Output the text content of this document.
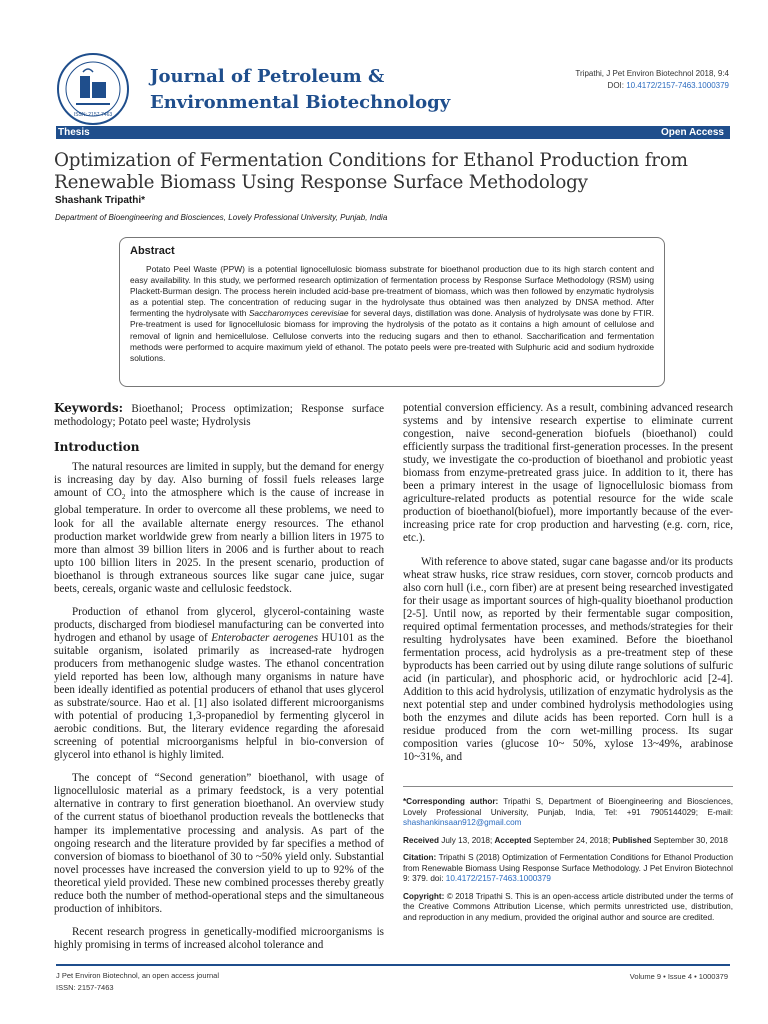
ISSN: 2157-7463
Journal of Petroleum &
Environmental Biotechnology
Tripathi, J Pet Environ Biotechnol 2018, 9:4
DOI: 10.4172/2157-7463.1000379
Thesis	Open Access
Optimization of Fermentation Conditions for Ethanol Production from
Renewable Biomass Using Response Surface Methodology
Shashank Tripathi*
Department of Bioengineering and Biosciences, Lovely Professional University, Punjab, India
Abstract

Potato Peel Waste (PPW) is a potential lignocellulosic biomass substrate for bioethanol production due to its high starch content and easy availability. In this study, we performed research optimization of fermentation process by Response Surface Methodology (RSM) using Plackett-Burman design. The process herein included acid-base pre-treatment of biomass, which was then followed by enzymatic hydrolysis as a potential step. The concentration of reducing sugar in the hydrolysate thus obtained was then analyzed by DNSA method. After fermenting the hydrolysate with Saccharomyces cerevisiae for several days, distillation was done. Analysis of hydrolysate was done by FTIR. Pre-treatment is used for lignocellulosic biomass for improving the hydrolysis of the potato as it contains a high amount of cellulose and removal of lignin and hemicellulose. Cellulose converts into the reducing sugars and then to ethanol. Saccharification and fermentation methods were performed to acquire maximum yield of ethanol. The potato peels were pre-treated with Sulphuric acid and sodium hydroxide solutions.

Keywords: Bioethanol; Process optimization; Response surface methodology; Potato peel waste; Hydrolysis

Introduction

The natural resources are limited in supply, but the demand for energy is increasing day by day. Also burning of fossil fuels releases large amount of $CO_2$ into the atmosphere which is the cause of increase in global temperature. In order to overcome all these problems, we need to look for all the available alternate energy resources. The ethanol production market worldwide grew from nearly a billion liters in 1975 to more than almost 39 billion liters in 2006 and is further about to reach upto 100 billion liters in 2025. In the present scenario, production of bioethanol is through extraneous sources like sugar cane juice, sugar beets, cereals, organic waste and cellulosic feedstock.

Production of ethanol from glycerol, glycerol-containing waste products, discharged from biodiesel manufacturing can be converted into hydrogen and ethanol by usage of Enterobacter aerogenes HU101 as the suitable organism, isolated primarily as increased-rate hydrogen producers from methanogenic sludge wastes. The ethanol concentration yield reported has been low, although many organisms in nature have been ideally identified as potential producers of ethanol that uses glycerol as substrate/source. Hao et al. [1] also isolated different microorganisms with potential of producing 1,3-propanediol by fermenting glycerol in aerobic conditions. But, the literary evidence regarding the aforesaid screening of potential microorganisms helpful in bio-conversion of glycerol into ethanol is highly limited.

The concept of “Second generation” bioethanol, with usage of lignocellulosic material as a primary feedstock, is a very potential alternative in contrary to first generation bioethanol. An overview study of the current status of bioethanol production reveals the bottlenecks that hamper its implementative processing and analysis. As part of the ongoing research and the literature provided by far specifies a method of conversion of biomass to bioethanol of 30 to ~50% yield only. Substantial novel processes have increased the conversion yield to up to 92% of the theoretical yield provided. These new combined processes thereby greatly reduce both the number of method-operational steps and the simultaneous production of inhibitors.

Recent research progress in genetically-modified microorganisms is highly promising in terms of increased alcohol tolerance and

potential conversion efficiency. As a result, combining advanced research systems and by intensive research expertise to eliminate current congestion, naive second-generation biofuels (bioethanol) could efficiently surpass the traditional first-generation processes. In the present study, we investigate the co-production of bioethanol and probiotic yeast biomass from enzyme-pretreated grass juice. In addition to it, there has been a primary interest in the usage of lignocellulosic biomass from agriculture-related products as potential resource for the wide scale production of bioethanol(biofuel), more importantly because of the ever-increasing price rate for crop production and harvesting (e.g. corn, rice, etc.).

With reference to above stated, sugar cane bagasse and/or its products wheat straw husks, rice straw residues, corn stover, corncob products and also corn hull (i.e., corn fiber) are at present being researched investigated for their usage as important sources of high-quality bioethanol production [2-5]. Until now, as reported by their fermentable sugar composition, required optimal fermentation processes, and methods/strategies for their resulting hydrolysates have been examined. Before the bioethanol fermentation process, acid hydrolysis as a pre-treatment step of these byproducts has been carried out by using dilute range solutions of sulfuric acid (in particular), and phosphoric acid, or hydrochloric acid [2-4]. Addition to this acid hydrolysis, utilization of enzymatic hydrolysis as the next potential step and under combined hydrolysis methodologies using both the enzymes and dilute acids has been reported. Corn hull is a residue produced from the corn wet-milling process. Its sugar composition varies (glucose 10~ 50%, xylose 13~49%, arabinose 10~31%, and

*Corresponding author: Tripathi S, Department of Bioengineering and Biosciences, Lovely Professional University, Punjab, India, Tel: +91 7905144029; E-mail: shashankinsaan912@gmail.com

Received July 13, 2018; Accepted September 24, 2018; Published September 30, 2018

Citation: Tripathi S (2018) Optimization of Fermentation Conditions for Ethanol Production from Renewable Biomass Using Response Surface Methodology. J Pet Environ Biotechnol 9: 379. doi: 10.4172/2157-7463.1000379

Copyright: © 2018 Tripathi S. This is an open-access article distributed under the terms of the Creative Commons Attribution License, which permits unrestricted use, distribution, and reproduction in any medium, provided the original author and source are credited.

J Pet Environ Biotechnol, an open access journal
ISSN: 2157-7463
Volume 9 • Issue 4 • 1000379
